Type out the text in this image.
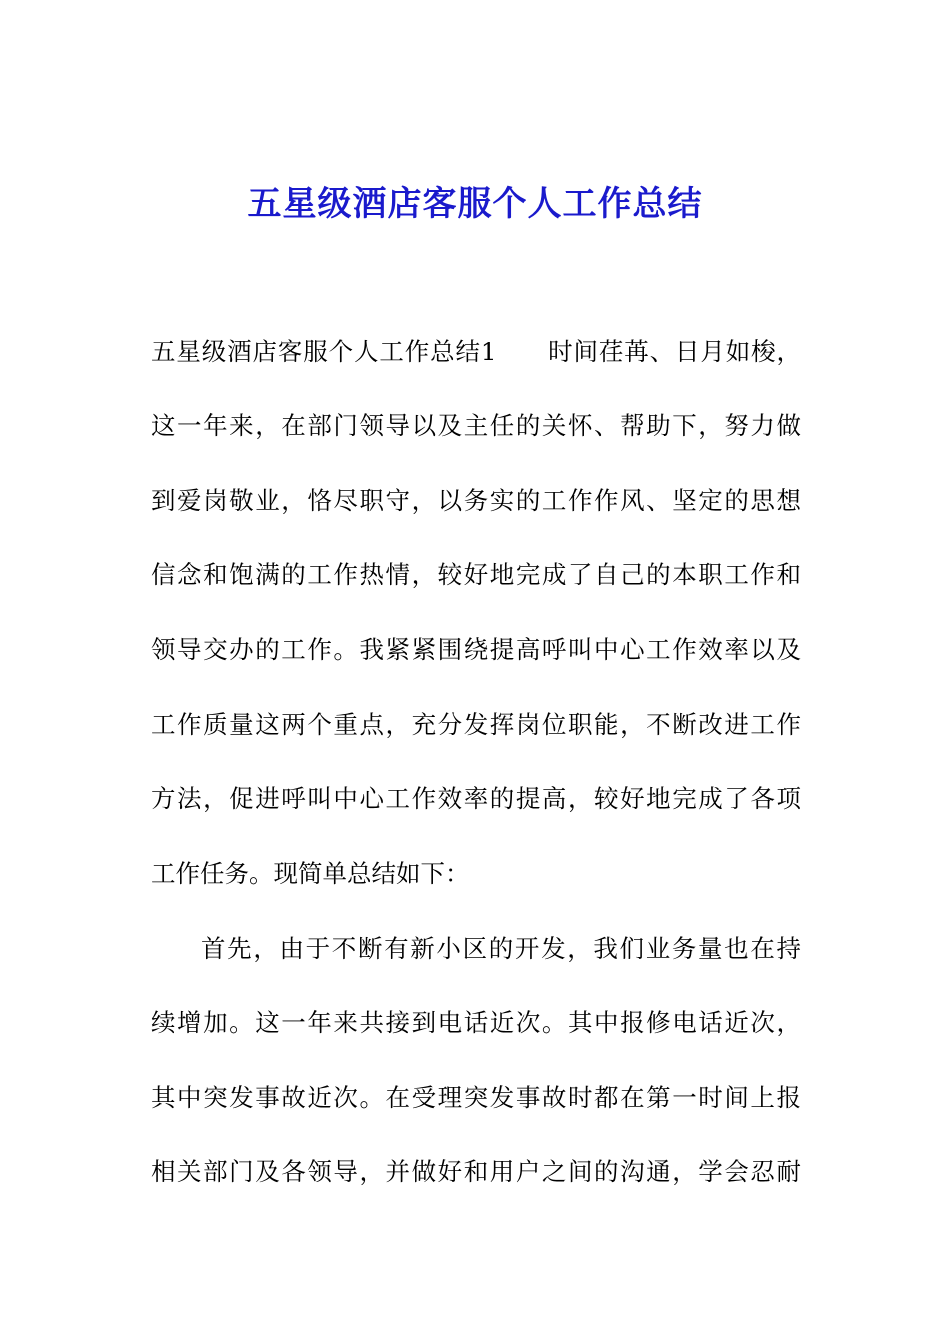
五星级酒店客服个人工作总结

五星级酒店客服个人工作总结1　　时间荏苒、日月如梭，

这一年来，在部门领导以及主任的关怀、帮助下，努力做

到爱岗敬业，恪尽职守，以务实的工作作风、坚定的思想

信念和饱满的工作热情，较好地完成了自己的本职工作和

领导交办的工作。我紧紧围绕提高呼叫中心工作效率以及

工作质量这两个重点，充分发挥岗位职能，不断改进工作

方法，促进呼叫中心工作效率的提高，较好地完成了各项

工作任务。现简单总结如下：

首先，由于不断有新小区的开发，我们业务量也在持

续增加。这一年来共接到电话近次。其中报修电话近次，

其中突发事故近次。在受理突发事故时都在第一时间上报

相关部门及各领导，并做好和用户之间的沟通，学会忍耐
